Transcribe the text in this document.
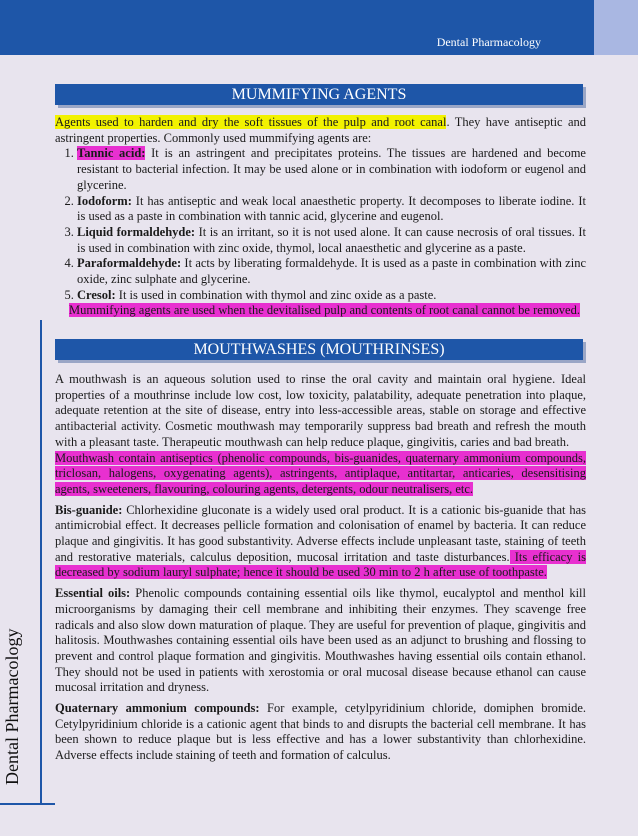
Dental Pharmacology
Dental Pharmacology
MUMMIFYING AGENTS

Agents used to harden and dry the soft tissues of the pulp and root canal. They have antiseptic and astringent properties. Commonly used mummifying agents are:

1. Tannic acid: It is an astringent and precipitates proteins. The tissues are hardened and become resistant to bacterial infection. It may be used alone or in combination with iodoform or eugenol and glycerine.
2. Iodoform: It has antiseptic and weak local anaesthetic property. It decomposes to liberate iodine. It is used as a paste in combination with tannic acid, glycerine and eugenol.
3. Liquid formaldehyde: It is an irritant, so it is not used alone. It can cause necrosis of oral tissues. It is used in combination with zinc oxide, thymol, local anaesthetic and glycerine as a paste.
4. Paraformaldehyde: It acts by liberating formaldehyde. It is used as a paste in combination with zinc oxide, zinc sulphate and glycerine.
5. Cresol: It is used in combination with thymol and zinc oxide as a paste.

Mummifying agents are used when the devitalised pulp and contents of root canal cannot be removed.

MOUTHWASHES (MOUTHRINSES)

A mouthwash is an aqueous solution used to rinse the oral cavity and maintain oral hygiene. Ideal properties of a mouthrinse include low cost, low toxicity, palatability, adequate penetration into plaque, adequate retention at the site of disease, entry into less-accessible areas, stable on storage and effective antibacterial activity. Cosmetic mouthwash may temporarily suppress bad breath and refresh the mouth with a pleasant taste. Therapeutic mouthwash can help reduce plaque, gingivitis, caries and bad breath.

Mouthwash contain antiseptics (phenolic compounds, bis-guanides, quaternary ammonium compounds, triclosan, halogens, oxygenating agents), astringents, antiplaque, antitartar, anticaries, desensitising agents, sweeteners, flavouring, colouring agents, detergents, odour neutralisers, etc.

Bis-guanide: Chlorhexidine gluconate is a widely used oral product. It is a cationic bis-guanide that has antimicrobial effect. It decreases pellicle formation and colonisation of enamel by bacteria. It can reduce plaque and gingivitis. It has good substantivity. Adverse effects include unpleasant taste, staining of teeth and restorative materials, calculus deposition, mucosal irritation and taste disturbances. Its efficacy is decreased by sodium lauryl sulphate; hence it should be used 30 min to 2 h after use of toothpaste.

Essential oils: Phenolic compounds containing essential oils like thymol, eucalyptol and menthol kill microorganisms by damaging their cell membrane and inhibiting their enzymes. They scavenge free radicals and also slow down maturation of plaque. They are useful for prevention of plaque, gingivitis and halitosis. Mouthwashes containing essential oils have been used as an adjunct to brushing and flossing to prevent and control plaque formation and gingivitis. Mouthwashes having essential oils contain ethanol. They should not be used in patients with xerostomia or oral mucosal disease because ethanol can cause mucosal irritation and dryness.

Quaternary ammonium compounds: For example, cetylpyridinium chloride, domiphen bromide. Cetylpyridinium chloride is a cationic agent that binds to and disrupts the bacterial cell membrane. It has been shown to reduce plaque but is less effective and has a lower substantivity than chlorhexidine. Adverse effects include staining of teeth and formation of calculus.
